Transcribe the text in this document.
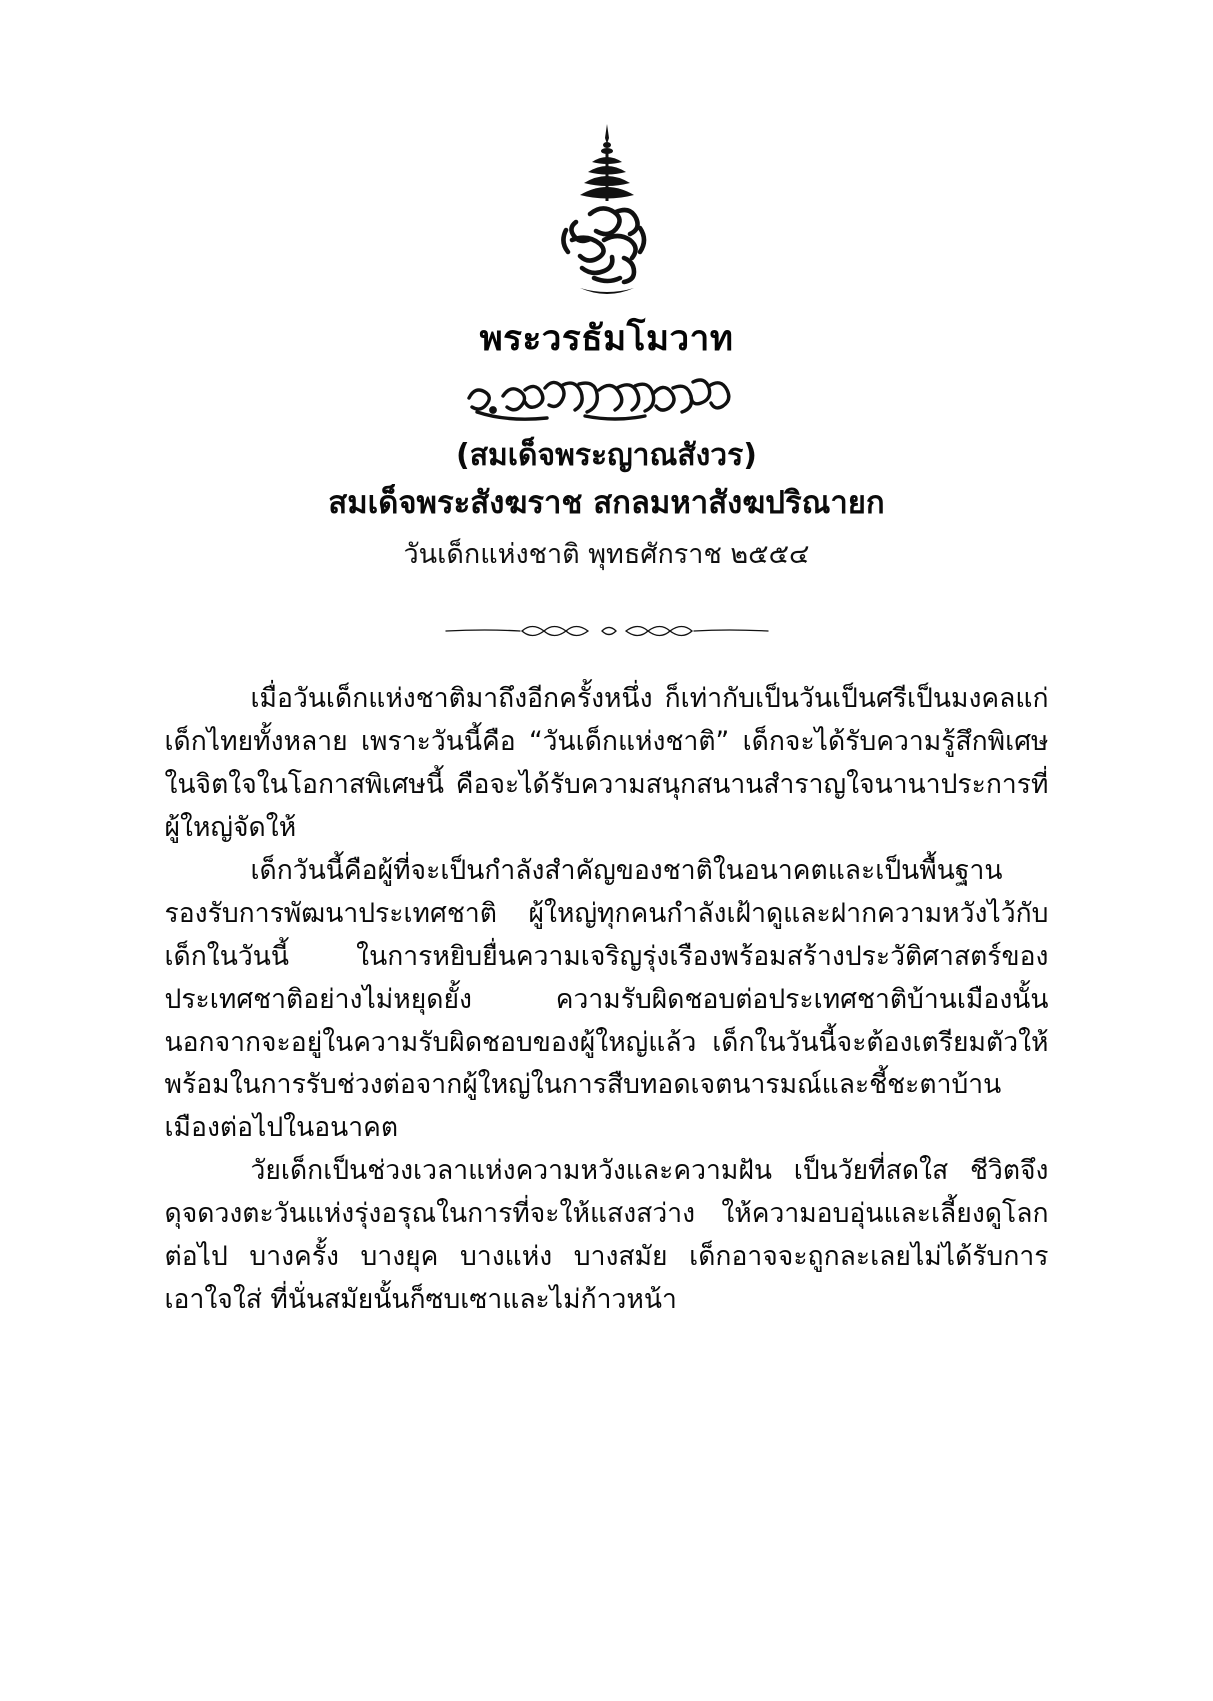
พระวรธัมโมวาท
(สมเด็จพระญาณสังวร)
สมเด็จพระสังฆราช สกลมหาสังฆปริณายก
วันเด็กแห่งชาติ พุทธศักราช ๒๕๕๔

เมื่อวันเด็กแห่งชาติมาถึงอีกครั้งหนึ่ง ก็เท่ากับเป็นวันเป็นศรีเป็นมงคลแก่เด็กไทยทั้งหลาย เพราะวันนี้คือ “วันเด็กแห่งชาติ” เด็กจะได้รับความรู้สึกพิเศษในจิตใจในโอกาสพิเศษนี้ คือจะได้รับความสนุกสนานสำราญใจนานาประการที่ผู้ใหญ่จัดให้

เด็กวันนี้คือผู้ที่จะเป็นกำลังสำคัญของชาติในอนาคตและเป็นพื้นฐานรองรับการพัฒนาประเทศชาติ ผู้ใหญ่ทุกคนกำลังเฝ้าดูและฝากความหวังไว้กับเด็กในวันนี้ ในการหยิบยื่นความเจริญรุ่งเรืองพร้อมสร้างประวัติศาสตร์ของประเทศชาติอย่างไม่หยุดยั้ง ความรับผิดชอบต่อประเทศชาติบ้านเมืองนั้น นอกจากจะอยู่ในความรับผิดชอบของผู้ใหญ่แล้ว เด็กในวันนี้จะต้องเตรียมตัวให้พร้อมในการรับช่วงต่อจากผู้ใหญ่ในการสืบทอดเจตนารมณ์และชี้ชะตาบ้านเมืองต่อไปในอนาคต

วัยเด็กเป็นช่วงเวลาแห่งความหวังและความฝัน เป็นวัยที่สดใส ชีวิตจึงดุจดวงตะวันแห่งรุ่งอรุณในการที่จะให้แสงสว่าง ให้ความอบอุ่นและเลี้ยงดูโลกต่อไป บางครั้ง บางยุค บางแห่ง บางสมัย เด็กอาจจะถูกละเลยไม่ได้รับการเอาใจใส่ ที่นั่นสมัยนั้นก็ซบเซาและไม่ก้าวหน้า
